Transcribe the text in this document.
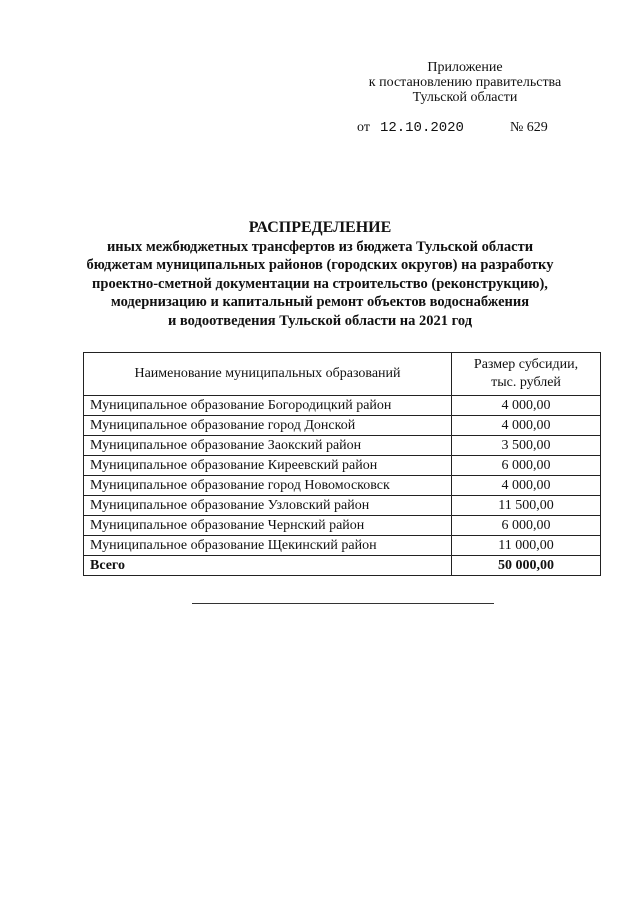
Приложение
к постановлению правительства
Тульской области
от 12.10.2020	№ 629
РАСПРЕДЕЛЕНИЕ
иных межбюджетных трансфертов из бюджета Тульской области
бюджетам муниципальных районов (городских округов) на разработку
проектно-сметной документации на строительство (реконструкцию),
модернизацию и капитальный ремонт объектов водоснабжения
и водоотведения Тульской области на 2021 год
Наименование муниципальных образований	Размер субсидии,
тыс. рублей
Муниципальное образование Богородицкий район	4 000,00
Муниципальное образование город Донской	4 000,00
Муниципальное образование Заокский район	3 500,00
Муниципальное образование Киреевский район	6 000,00
Муниципальное образование город Новомосковск	4 000,00
Муниципальное образование Узловский район	11 500,00
Муниципальное образование Чернский район	6 000,00
Муниципальное образование Щекинский район	11 000,00
Всего	50 000,00
